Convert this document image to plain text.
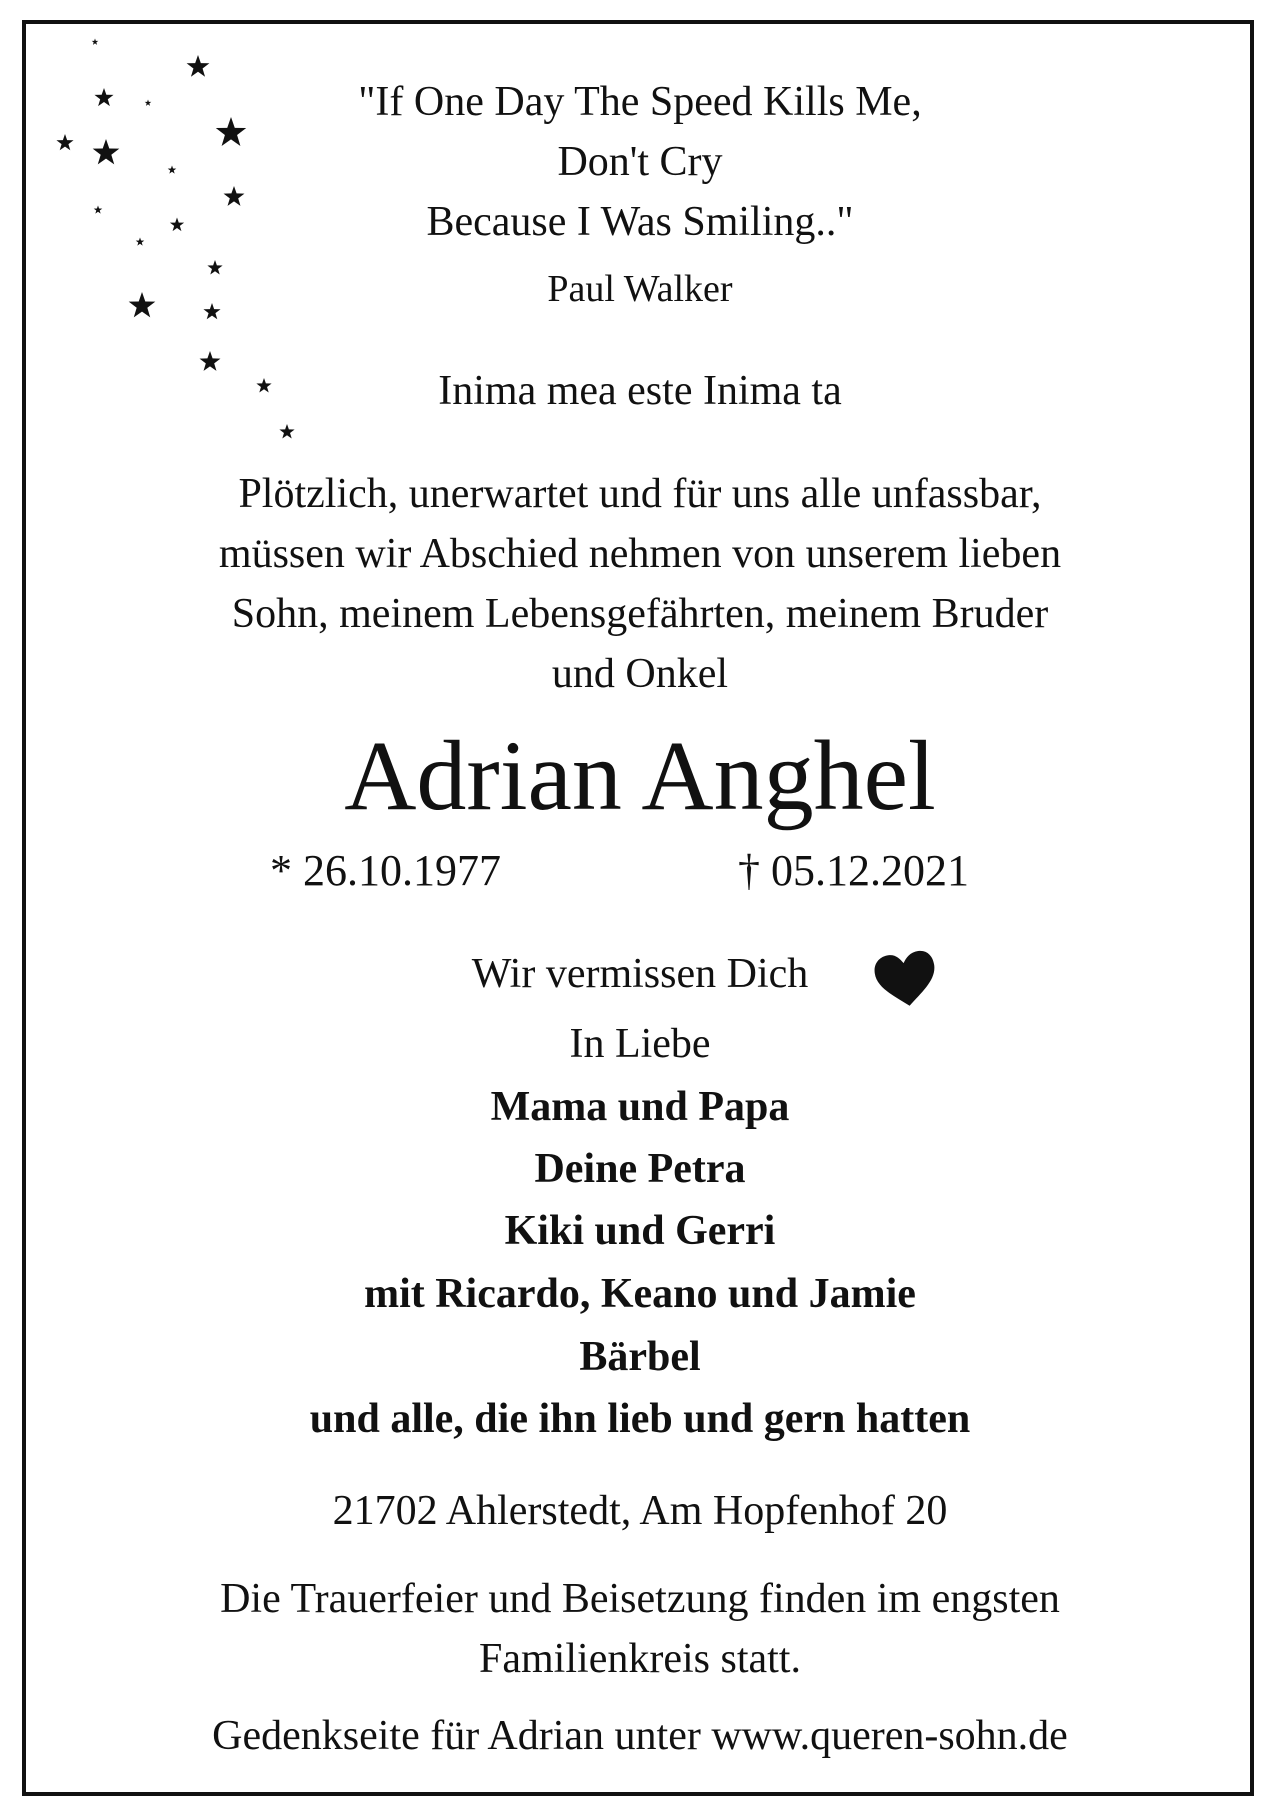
"If One Day The Speed Kills Me,
Don't Cry
Because I Was Smiling.."
Paul Walker
Inima mea este Inima ta
Plötzlich, unerwartet und für uns alle unfassbar,
müssen wir Abschied nehmen von unserem lieben
Sohn, meinem Lebensgefährten, meinem Bruder
und Onkel
Adrian Anghel
* 26.10.1977	† 05.12.2021
Wir vermissen Dich
In Liebe
Mama und Papa
Deine Petra
Kiki und Gerri
mit Ricardo, Keano und Jamie
Bärbel
und alle, die ihn lieb und gern hatten
21702 Ahlerstedt, Am Hopfenhof 20
Die Trauerfeier und Beisetzung finden im engsten
Familienkreis statt.
Gedenkseite für Adrian unter www.queren-sohn.de
